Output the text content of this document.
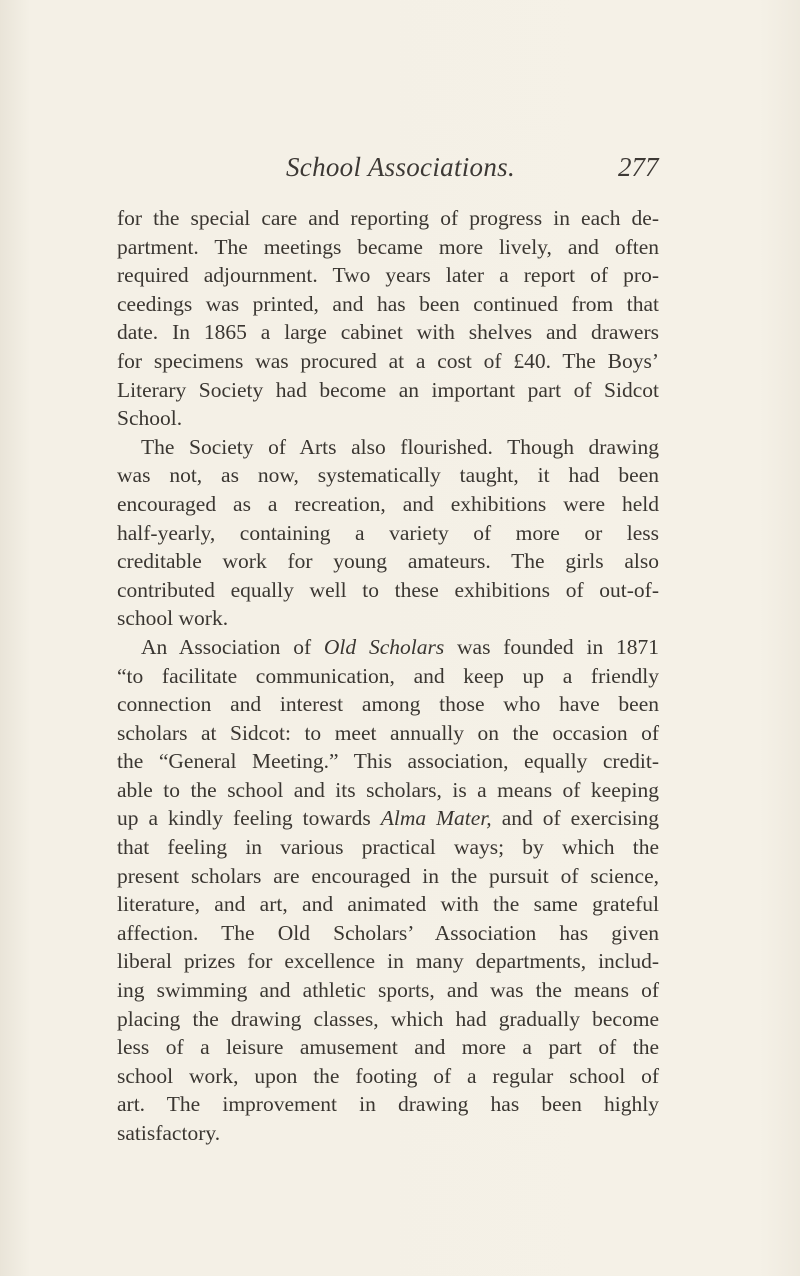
School Associations.	277
for the special care and reporting of progress in each de-
partment. The meetings became more lively, and often
required adjournment. Two years later a report of pro-
ceedings was printed, and has been continued from that
date. In 1865 a large cabinet with shelves and drawers
for specimens was procured at a cost of £40. The Boys’
Literary Society had become an important part of Sidcot
School.
The Society of Arts also flourished. Though drawing
was not, as now, systematically taught, it had been
encouraged as a recreation, and exhibitions were held
half-yearly, containing a variety of more or less
creditable work for young amateurs. The girls also
contributed equally well to these exhibitions of out-of-
school work.
An Association of Old Scholars was founded in 1871
“to facilitate communication, and keep up a friendly
connection and interest among those who have been
scholars at Sidcot: to meet annually on the occasion of
the “General Meeting.” This association, equally credit-
able to the school and its scholars, is a means of keeping
up a kindly feeling towards Alma Mater, and of exercising
that feeling in various practical ways; by which the
present scholars are encouraged in the pursuit of science,
literature, and art, and animated with the same grateful
affection. The Old Scholars’ Association has given
liberal prizes for excellence in many departments, includ-
ing swimming and athletic sports, and was the means of
placing the drawing classes, which had gradually become
less of a leisure amusement and more a part of the
school work, upon the footing of a regular school of
art. The improvement in drawing has been highly
satisfactory.
